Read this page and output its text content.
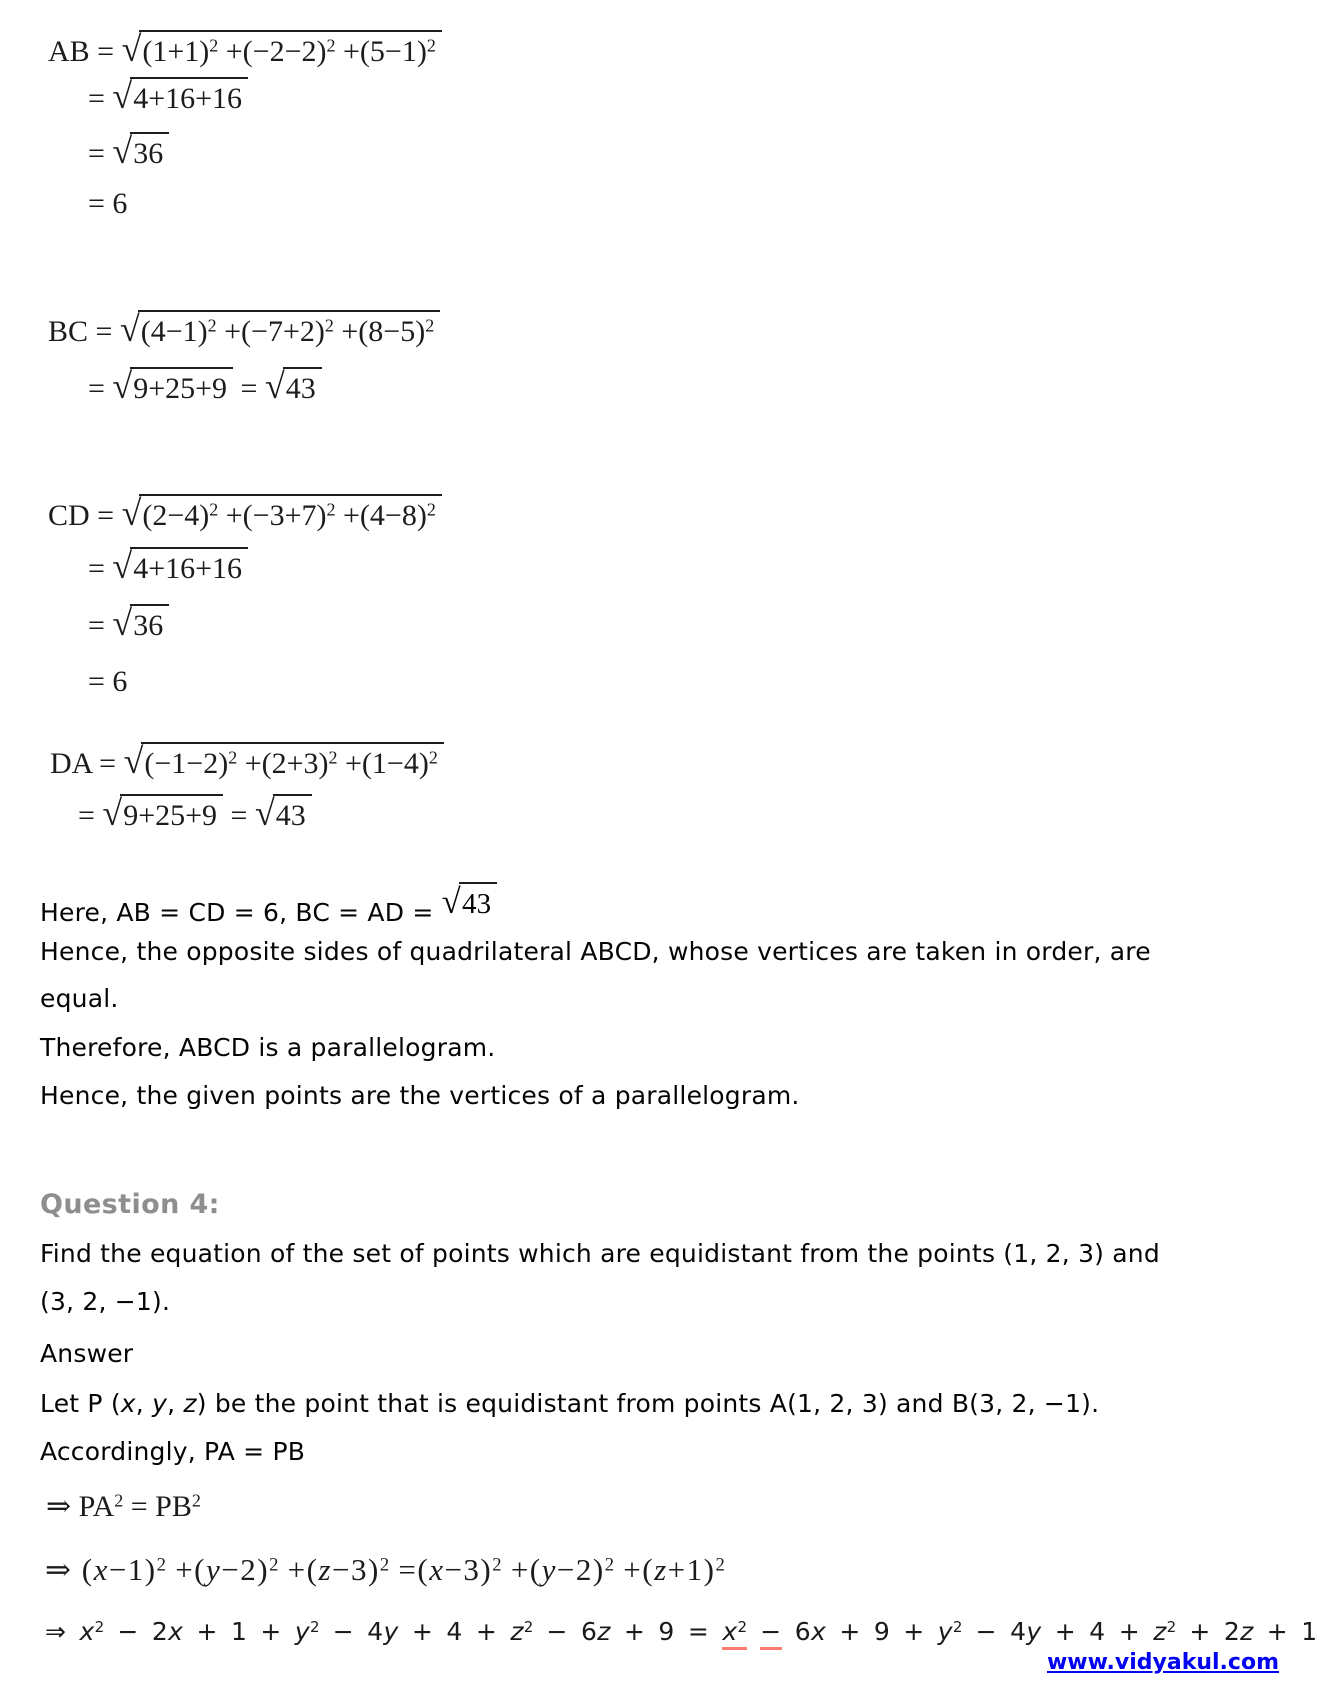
AB = $√(1+1)^2 +(-2-2)^2 +(5-1)^2$
= √4+16+16
= √36
= 6
BC = $√(4-1)^2 +(-7+2)^2 +(8-5)^2$
= √9+25+9 = √43
CD = $√(2-4)^2 +(-3+7)^2 +(4-8)^2$
= √4+16+16
= √36
= 6
DA = $√(-1-2)^2 +(2+3)^2 +(1-4)^2$
= √9+25+9 = √43
Here, AB = CD = 6, BC = AD = √43
Hence, the opposite sides of quadrilateral ABCD, whose vertices are taken in order, are
equal.
Therefore, ABCD is a parallelogram.
Hence, the given points are the vertices of a parallelogram.
Question 4:
Find the equation of the set of points which are equidistant from the points (1, 2, 3) and
(3, 2, −1).
Answer
Let P (x, y, z) be the point that is equidistant from points A(1, 2, 3) and B(3, 2, −1).
Accordingly, PA = PB
⇒ $PA^2 = PB^2$
⇒ $(x-1)^2 +(y-2)^2 +(z-3)^2 =(x-3)^2 +(y-2)^2 +(z+1)^2$
⇒ $x^2 - 2x + 1 + y^2 - 4y + 4 + z^2 - 6z + 9 = x^2 - 6x + 9 + y^2 - 4y + 4 + z^2 + 2z + 1$
www.vidyakul.com
